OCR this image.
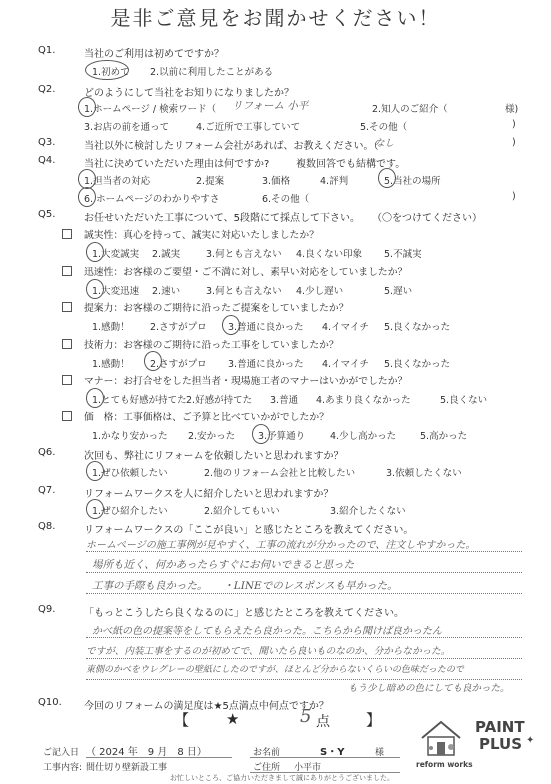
是非ご意見をお聞かせください！
Q1.	当社のご利用は初めてですか？
1.初めて 2.以前に利用したことがある
Q2.	どのようにして当社をお知りになりましたか？
1.ホームページ / 検索ワード（ リフォーム 小平	2.知人のご紹介（	様)
3.お店の前を通って	4.ご近所で工事していて	5.その他（	)
Q3.	当社以外に検討したリフォーム会社があれば、お教えください。（
なし	)
Q4.	当社に決めていただいた理由は何ですか?	複数回答でも結構です。
1.担当者の対応	2.提案	3.価格	4.評判	5.当社の場所
6. ホームページのわかりやすさ	6.その他（	)
Q5.	お任せいただいた工事について、5段階にて採点して下さい。 （〇をつけてください）
誠実性：真心を持って、誠実に対応いたしましたか？
1.大変誠実 2.誠実	3.何とも言えない 4.良くない印象 5.不誠実
迅速性：お客様のご要望・ご不満に対し、素早い対応をしていましたか？
1.大変迅速 2.速い	3.何とも言えない 4.少し遅い	5.遅い
提案力：お客様のご期待に沿ったご提案をしていましたか？
1.感動！ 2.さすがプロ 3.普通に良かった 4.イマイチ 5.良くなかった
技術力：お客様のご期待に沿った工事をしていましたか？
1.感動！ 2.さすがプロ 3.普通に良かった 4.イマイチ 5.良くなかった
マナー：お打合せをした担当者・現場施工者のマナーはいかがでしたか？
1.とても好感が持てた 2.好感が持てた 3.普通 4.あまり良くなかった	5.良くない
価　格：工事価格は、ご予算と比べていかがでしたか？
1.かなり安かった 2.安かった 3.予算通り	4.少し高かった	5.高かった
Q6.	次回も、弊社にリフォームを依頼したいと思われますか？
1.ぜひ依頼したい	2.他のリフォーム会社と比較したい	3.依頼したくない
Q7.	リフォームワークスを人に紹介したいと思われますか？
1.ぜひ紹介したい	2.紹介してもいい	3.紹介したくない
Q8.	リフォームワークスの「ここが良い」と感じたところを教えてください。
ホームページの施工事例が見やすく、工事の流れが分かったので、注文しやすかった。
場所も近く、何かあったらすぐにお伺いできると思った
工事の手際も良かった。　　・LINEでのレスポンスも早かった。
Q9.	「もっとこうしたら良くなるのに」と感じたところを教えてください。
かべ紙の色の提案等をしてもらえたら良かった。こちらから聞けば良かったん
ですが、内装工事をするのが初めてで、聞いたら良いものなのか、分からなかった。
東側のかべをウレグレーの壁紙にしたのですが、ほとんど分からないくらいの色味だったので
もう少し暗めの色にしても良かった。
Q10. 今回のリフォームの満足度は★5点満点中何点ですか？
【 ★	5 点 】
ご記入日 （ 2024 年　9 月　8 日）	お名前	S・Y	様
工事内容: 間仕切り壁新設工事	ご住所 小平市
お忙しいところ、ご協力いただきまして誠にありがとうございました。
reform works
PAINT
PLUS ✦
